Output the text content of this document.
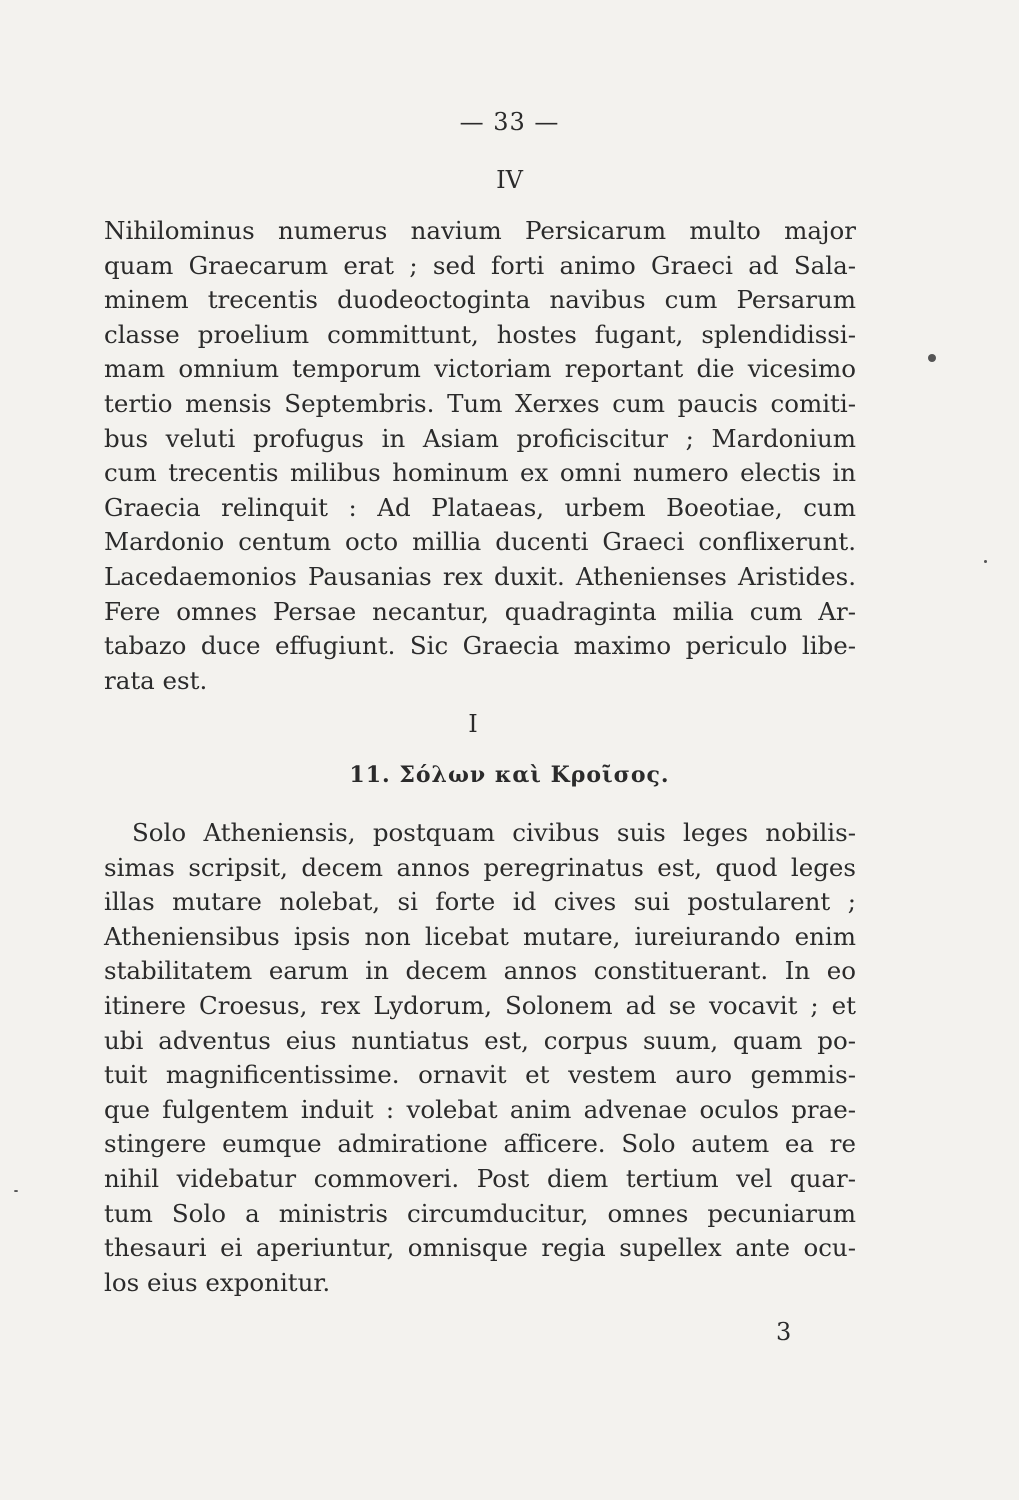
— 33 —
IV
Nihilominus numerus navium Persicarum multo major
quam Graecarum erat ; sed forti animo Graeci ad Sala-
minem trecentis duodeoctoginta navibus cum Persarum
classe proelium committunt, hostes fugant, splendidissi-
mam omnium temporum victoriam reportant die vicesimo
tertio mensis Septembris. Tum Xerxes cum paucis comiti-
bus veluti profugus in Asiam proficiscitur ; Mardonium
cum trecentis milibus hominum ex omni numero electis in
Graecia relinquit : Ad Plataeas, urbem Boeotiae, cum
Mardonio centum octo millia ducenti Graeci conflixerunt.
Lacedaemonios Pausanias rex duxit. Athenienses Aristides.
Fere omnes Persae necantur, quadraginta milia cum Ar-
tabazo duce effugiunt. Sic Graecia maximo periculo libe-
rata est.
I
11. Σόλων καὶ Κροῖσος.
Solo Atheniensis, postquam civibus suis leges nobilis-
simas scripsit, decem annos peregrinatus est, quod leges
illas mutare nolebat, si forte id cives sui postularent ;
Atheniensibus ipsis non licebat mutare, iureiurando enim
stabilitatem earum in decem annos constituerant. In eo
itinere Croesus, rex Lydorum, Solonem ad se vocavit ; et
ubi adventus eius nuntiatus est, corpus suum, quam po-
tuit magnificentissime. ornavit et vestem auro gemmis-
que fulgentem induit : volebat anim advenae oculos prae-
stingere eumque admiratione afficere. Solo autem ea re
nihil videbatur commoveri. Post diem tertium vel quar-
tum Solo a ministris circumducitur, omnes pecuniarum
thesauri ei aperiuntur, omnisque regia supellex ante ocu-
los eius exponitur.
3
